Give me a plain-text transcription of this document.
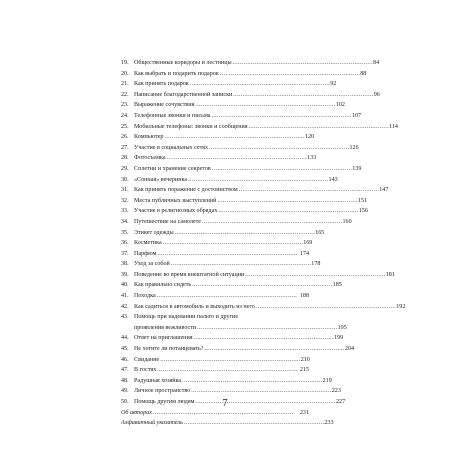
19. Общественные коридоры и лестницы . . .	84
20. Как выбрать и подарить подарок . . .	88
21. Как принять подарок . . .	92
22. Написание благодарственной записки . . .	96
23. Выражение сочувствия . . .	102
24. Телефонные звонки и письма . . .	107
25. Мобильные телефоны: звонки и сообщения . . .	114
26. Компьютер . . .	120
27. Участие в социальных сетях . . .	126
28. Фотосъемка . . .	133
29. Сплетни и хранение секретов . . .	139
30. «Сонная» вечеринка . . .	143
31. Как принять поражение с достоинством . . .	147
32. Места публичных выступлений . . .	151
33. Участие в религиозных обрядах . . .	156
34. Путешествие на самолете . . .	160
35. Этикет одежды . . .	165
36. Косметика . . .	169
37. Парфюм . . .	174
38. Уход за собой . . .	178
39. Поведение во время внештатной ситуации . . .	181
40. Как правильно сидеть . . .	185
41. Походка . . .	188
42. Как садиться в автомобиль и выходить из него . . .	192
43. Помощь при надевании пальто и другие
проявления вежливости . . .	195
44. Ответ на приглашения . . .	199
45. Не хотите ли потанцевать? . . .	204
46. Свидание . . .	210
47. В гостях . . .	215
48. Радушная хозяйка . . .	219
49. Личное пространство . . .	223
50. Помощь другим людям . . .	227
Об авторах . . .	231
Алфавитный указатель . . .	233
7
